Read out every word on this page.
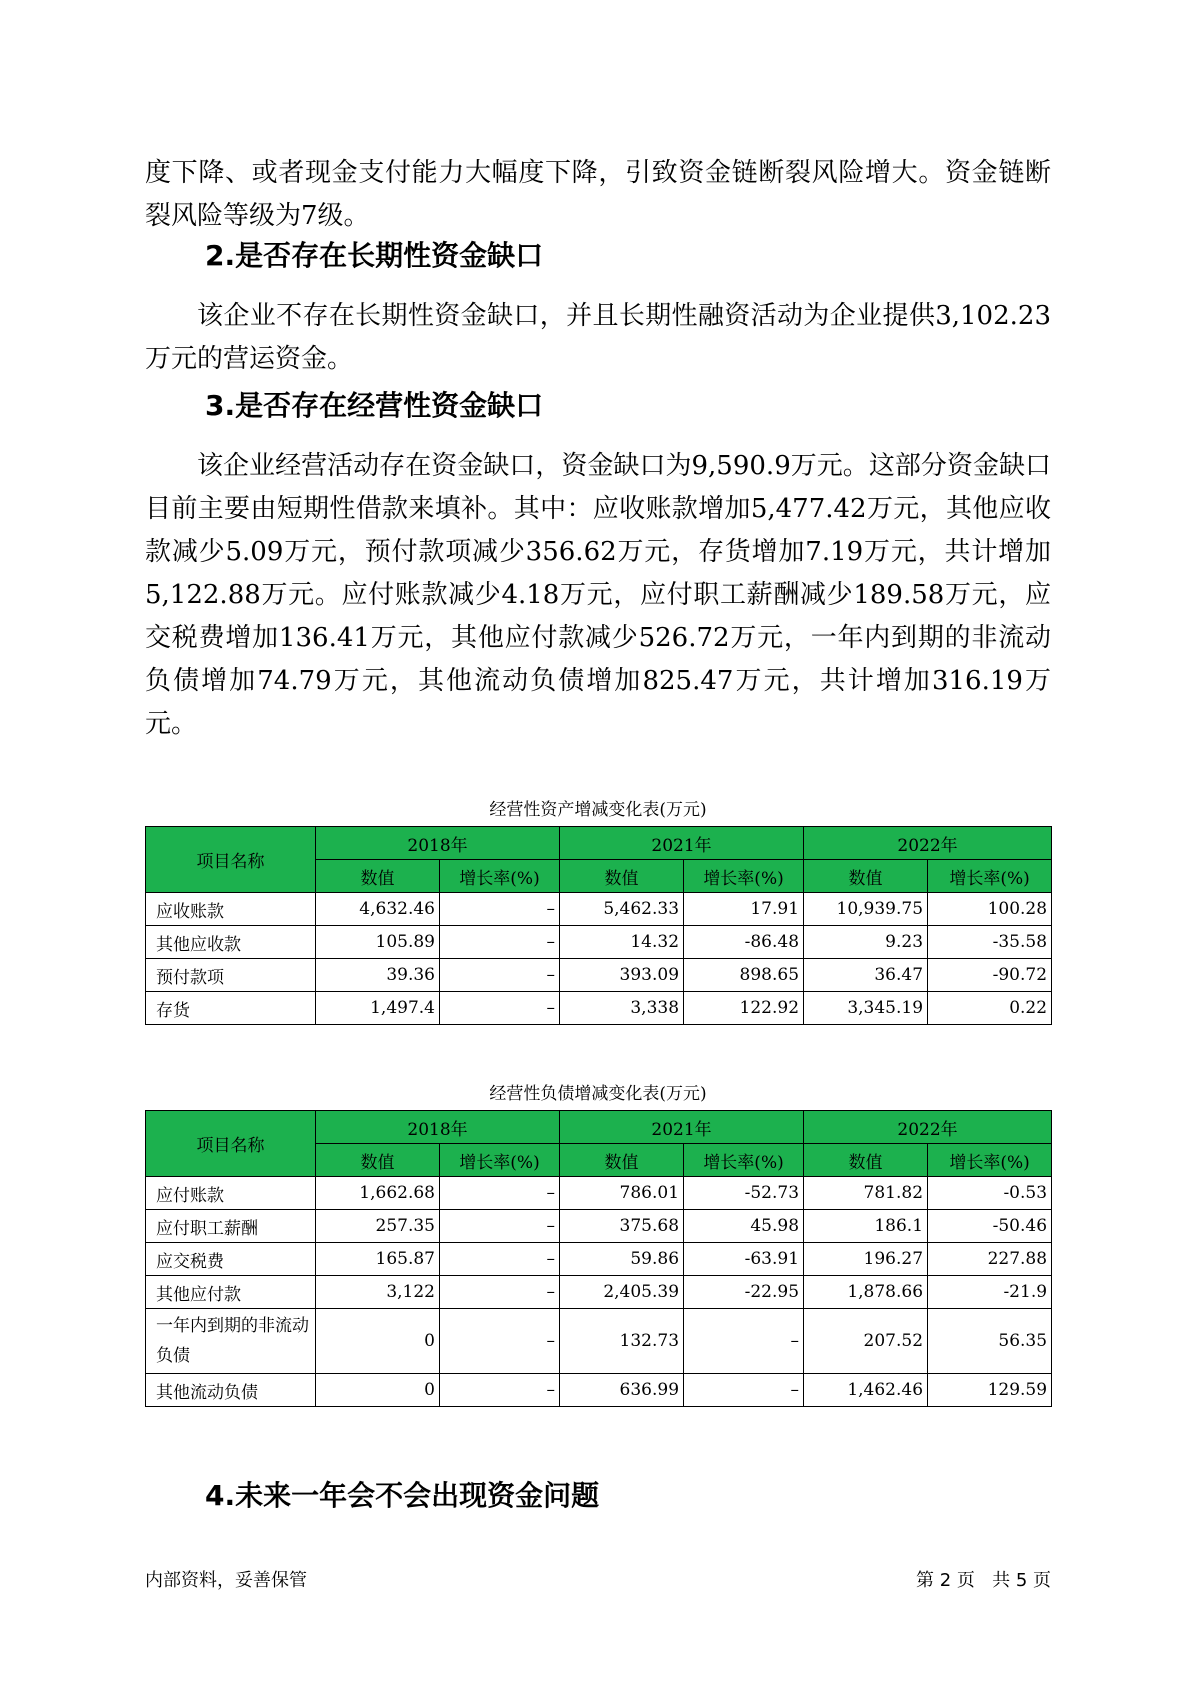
度下降、或者现金支付能力大幅度下降，引致资金链断裂风险增大。资金链断裂风险等级为7级。

2.是否存在长期性资金缺口

该企业不存在长期性资金缺口，并且长期性融资活动为企业提供3,102.23万元的营运资金。

3.是否存在经营性资金缺口

该企业经营活动存在资金缺口，资金缺口为9,590.9万元。这部分资金缺口目前主要由短期性借款来填补。其中：应收账款增加5,477.42万元，其他应收款减少5.09万元，预付款项减少356.62万元，存货增加7.19万元，共计增加5,122.88万元。应付账款减少4.18万元，应付职工薪酬减少189.58万元，应交税费增加136.41万元，其他应付款减少526.72万元，一年内到期的非流动负债增加74.79万元，其他流动负债增加825.47万元，共计增加316.19万元。

经营性资产增减变化表(万元)
项目名称	2018年		2021年		2022年	
	数值	增长率(%)	数值	增长率(%)	数值	增长率(%)
应收账款	4,632.46	–	5,462.33	17.91	10,939.75	100.28
其他应收款	105.89	–	14.32	-86.48	9.23	-35.58
预付款项	39.36	–	393.09	898.65	36.47	-90.72
存货	1,497.4	–	3,338	122.92	3,345.19	0.22
经营性负债增减变化表(万元)
项目名称	2018年		2021年		2022年	
	数值	增长率(%)	数值	增长率(%)	数值	增长率(%)
应付账款	1,662.68	–	786.01	-52.73	781.82	-0.53
应付职工薪酬	257.35	–	375.68	45.98	186.1	-50.46
应交税费	165.87	–	59.86	-63.91	196.27	227.88
其他应付款	3,122	–	2,405.39	-22.95	1,878.66	-21.9
一年内到期的非流动负债	0	–	132.73	–	207.52	56.35
其他流动负债	0	–	636.99	–	1,462.46	129.59
4.未来一年会不会出现资金问题
内部资料，妥善保管	第 2 页   共 5 页
